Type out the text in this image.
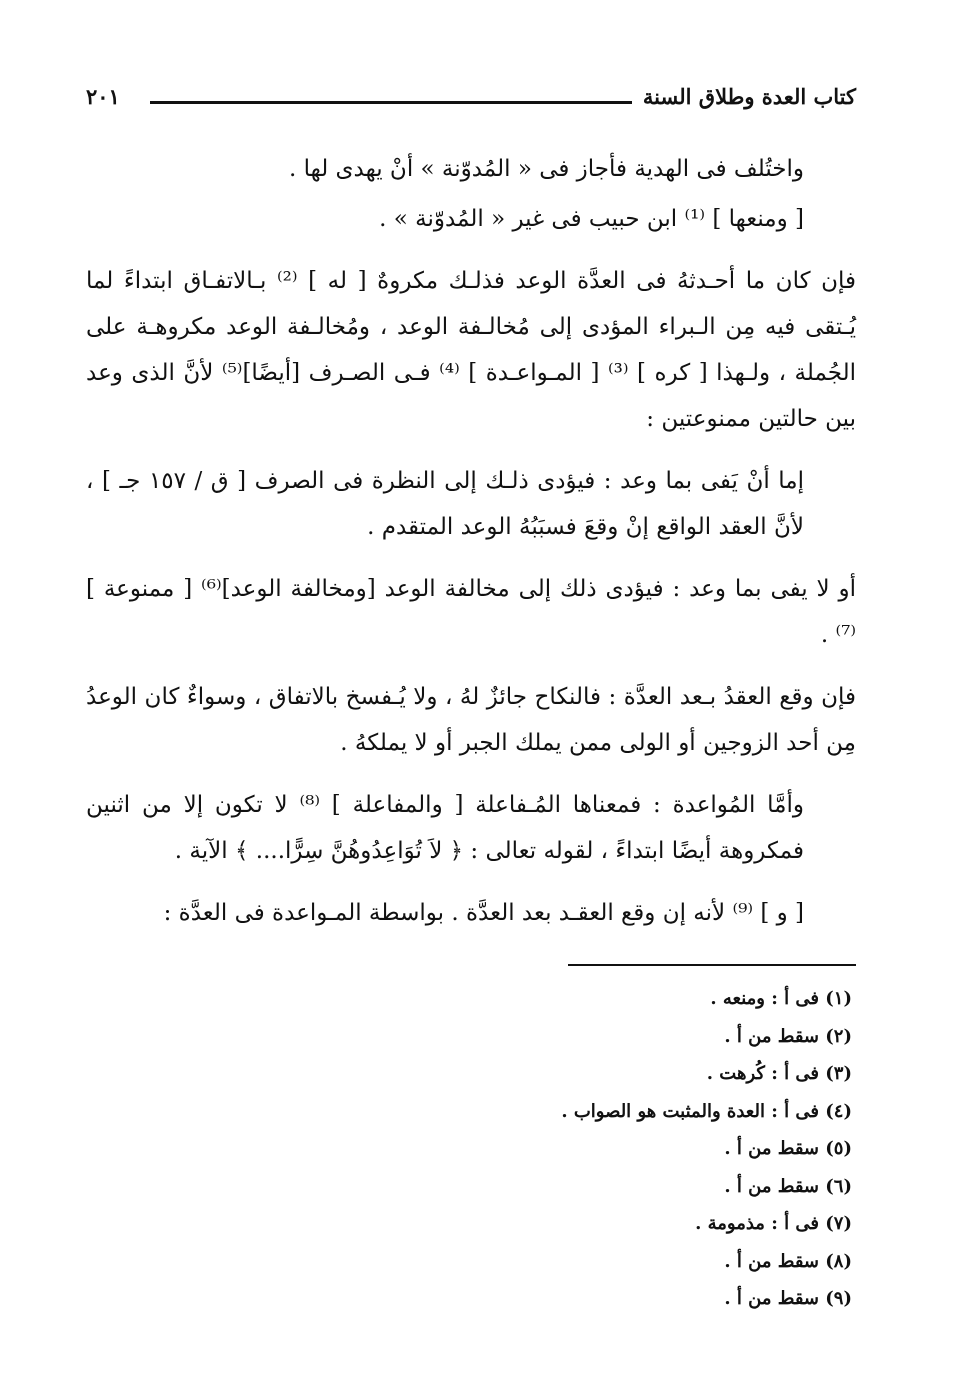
كتاب العدة وطلاق السنة
٢٠١

واختُلف فى الهدية فأجاز فى « المُدوّنة » أنْ يهدى لها .

[ ومنعها ] ⁽¹⁾ ابن حبيب فى غير « المُدوّنة » .

فإن كان ما أحـدثهُ فى العدَّة الوعد فذلـك مكروهٌ [ له ] ⁽²⁾ بـالاتفـاق ابتداءً لما يُـتقى فيه مِن الـبراء المؤدى إلى مُخالـفة الوعد ، ومُخالـفة الوعد مكروهـة على الجُملة ، ولـهذا [ كره ] ⁽³⁾ [ المـواعـدة ] ⁽⁴⁾ فـى الصـرف [أيضًا]⁽⁵⁾ لأنَّ الذى وعد بين حالتين ممنوعتين :

إما أنْ يَفى بما وعد : فيؤدى ذلـك إلى النظرة فى الصرف [ ق / ١٥٧ جـ ] ، لأنَّ العقد الواقع إنْ وقعَ فسبَبُهُ الوعد المتقدم .

أو لا يفى بما وعد : فيؤدى ذلك إلى مخالفة الوعد [ومخالفة الوعد]⁽⁶⁾ [ ممنوعة ] ⁽⁷⁾ .

فإن وقع العقدُ بـعد العدَّة : فالنكاح جائزٌ لهُ ، ولا يُـفسخ بالاتفاق ، وسواءٌ كان الوعدُ مِن أحد الزوجين أو الولى ممن يملك الجبر أو لا يملكهُ .

وأمَّا المُواعدة : فمعناها المُـفاعلة [ والمفاعلة ] ⁽⁸⁾ لا تكون إلا من اثنين فمكروهة أيضًا ابتداءً ، لقوله تعالى : ﴿ لاَ تُوَاعِدُوهُنَّ سِرًّا.... ﴾ الآية .

[ و ] ⁽⁹⁾ لأنه إن وقع العقـد بعد العدَّة . بواسطة المـواعدة فى العدَّة :

(١) فى أ : ومنعه .

(٢) سقط من أ .

(٣) فى أ : كُرهت .

(٤) فى أ : العدة والمثبت هو الصواب .

(٥) سقط من أ .

(٦) سقط من أ .

(٧) فى أ : مذمومة .

(٨) سقط من أ .

(٩) سقط من أ .
